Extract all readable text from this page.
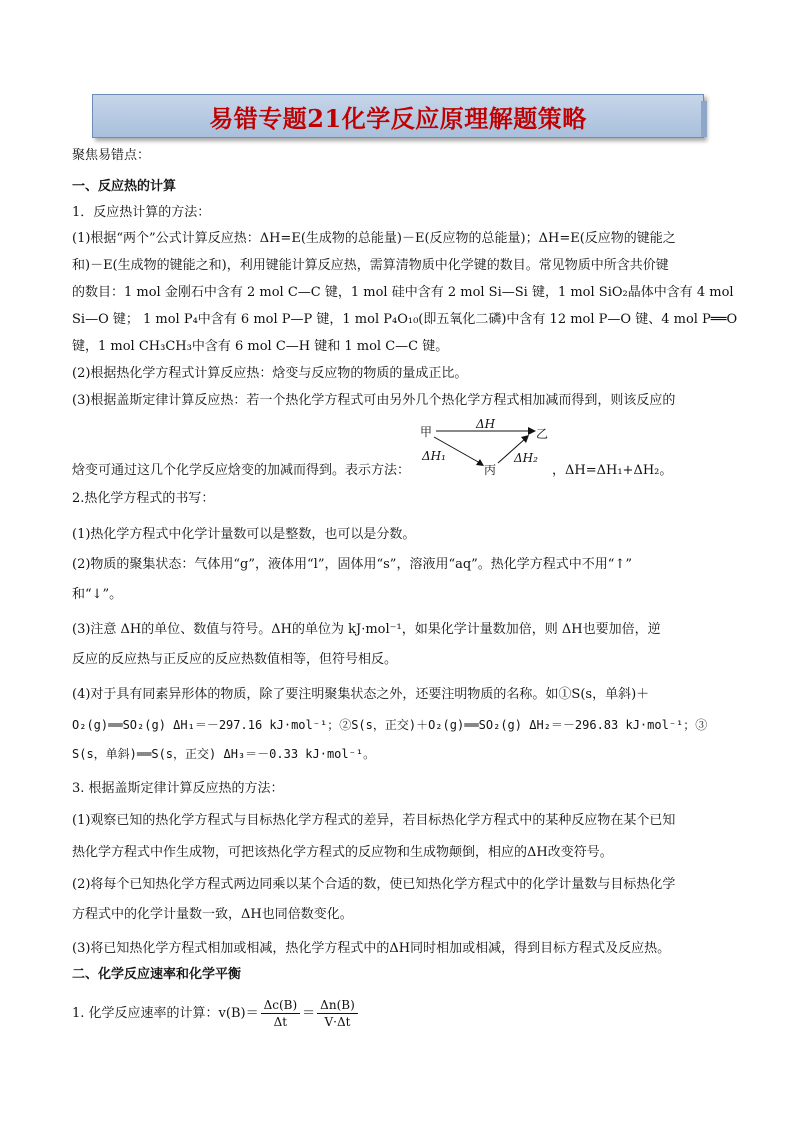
易错专题21化学反应原理解题策略
聚焦易错点：
一、反应热的计算
1．反应热计算的方法：
(1)根据“两个”公式计算反应热：ΔH=E(生成物的总能量)－E(反应物的总能量)；ΔH=E(反应物的键能之
和)－E(生成物的键能之和)，利用键能计算反应热，需算清物质中化学键的数目。常见物质中所含共价键
的数目：1 mol 金刚石中含有 2 mol C—C 键，1 mol 硅中含有 2 mol Si—Si 键，1 mol SiO₂晶体中含有 4 mol
Si—O 键； 1 mol P₄中含有 6 mol P—P 键，1 mol P₄O₁₀(即五氧化二磷)中含有 12 mol P—O 键、4 mol P══O
键，1 mol CH₃CH₃中含有 6 mol C—H 键和 1 mol C—C 键。
(2)根据热化学方程式计算反应热：焓变与反应物的物质的量成正比。
(3)根据盖斯定律计算反应热：若一个热化学方程式可由另外几个热化学方程式相加减而得到，则该反应的
焓变可通过这几个化学反应焓变的加减而得到。表示方法：	，ΔH=ΔH₁+ΔH₂。
甲	乙
丙
ΔH
ΔH₁	ΔH₂
2.热化学方程式的书写：
(1)热化学方程式中化学计量数可以是整数，也可以是分数。
(2)物质的聚集状态：气体用“g”，液体用“l”，固体用“s”，溶液用“aq”。热化学方程式中不用“↑”
和“↓”。
(3)注意 ΔH的单位、数值与符号。ΔH的单位为 kJ·mol⁻¹，如果化学计量数加倍，则 ΔH也要加倍，逆
反应的反应热与正反应的反应热数值相等，但符号相反。
(4)对于具有同素异形体的物质，除了要注明聚集状态之外，还要注明物质的名称。如①S(s，单斜)＋
O₂(g)══SO₂(g) ΔH₁＝－297.16 kJ·mol⁻¹；②S(s，正交)＋O₂(g)══SO₂(g) ΔH₂＝－296.83 kJ·mol⁻¹；③
S(s，单斜)══S(s，正交) ΔH₃＝－0.33 kJ·mol⁻¹。
3. 根据盖斯定律计算反应热的方法：
(1)观察已知的热化学方程式与目标热化学方程式的差异，若目标热化学方程式中的某种反应物在某个已知
热化学方程式中作生成物，可把该热化学方程式的反应物和生成物颠倒，相应的ΔH改变符号。
(2)将每个已知热化学方程式两边同乘以某个合适的数，使已知热化学方程式中的化学计量数与目标热化学
方程式中的化学计量数一致，ΔH也同倍数变化。
(3)将已知热化学方程式相加或相减，热化学方程式中的ΔH同时相加或相减，得到目标方程式及反应热。
二、化学反应速率和化学平衡
1. 化学反应速率的计算：$v(B)= \frac{\Delta c(B)}{\Delta t} = \frac{\Delta n(B)}{V\cdot\Delta t}$
